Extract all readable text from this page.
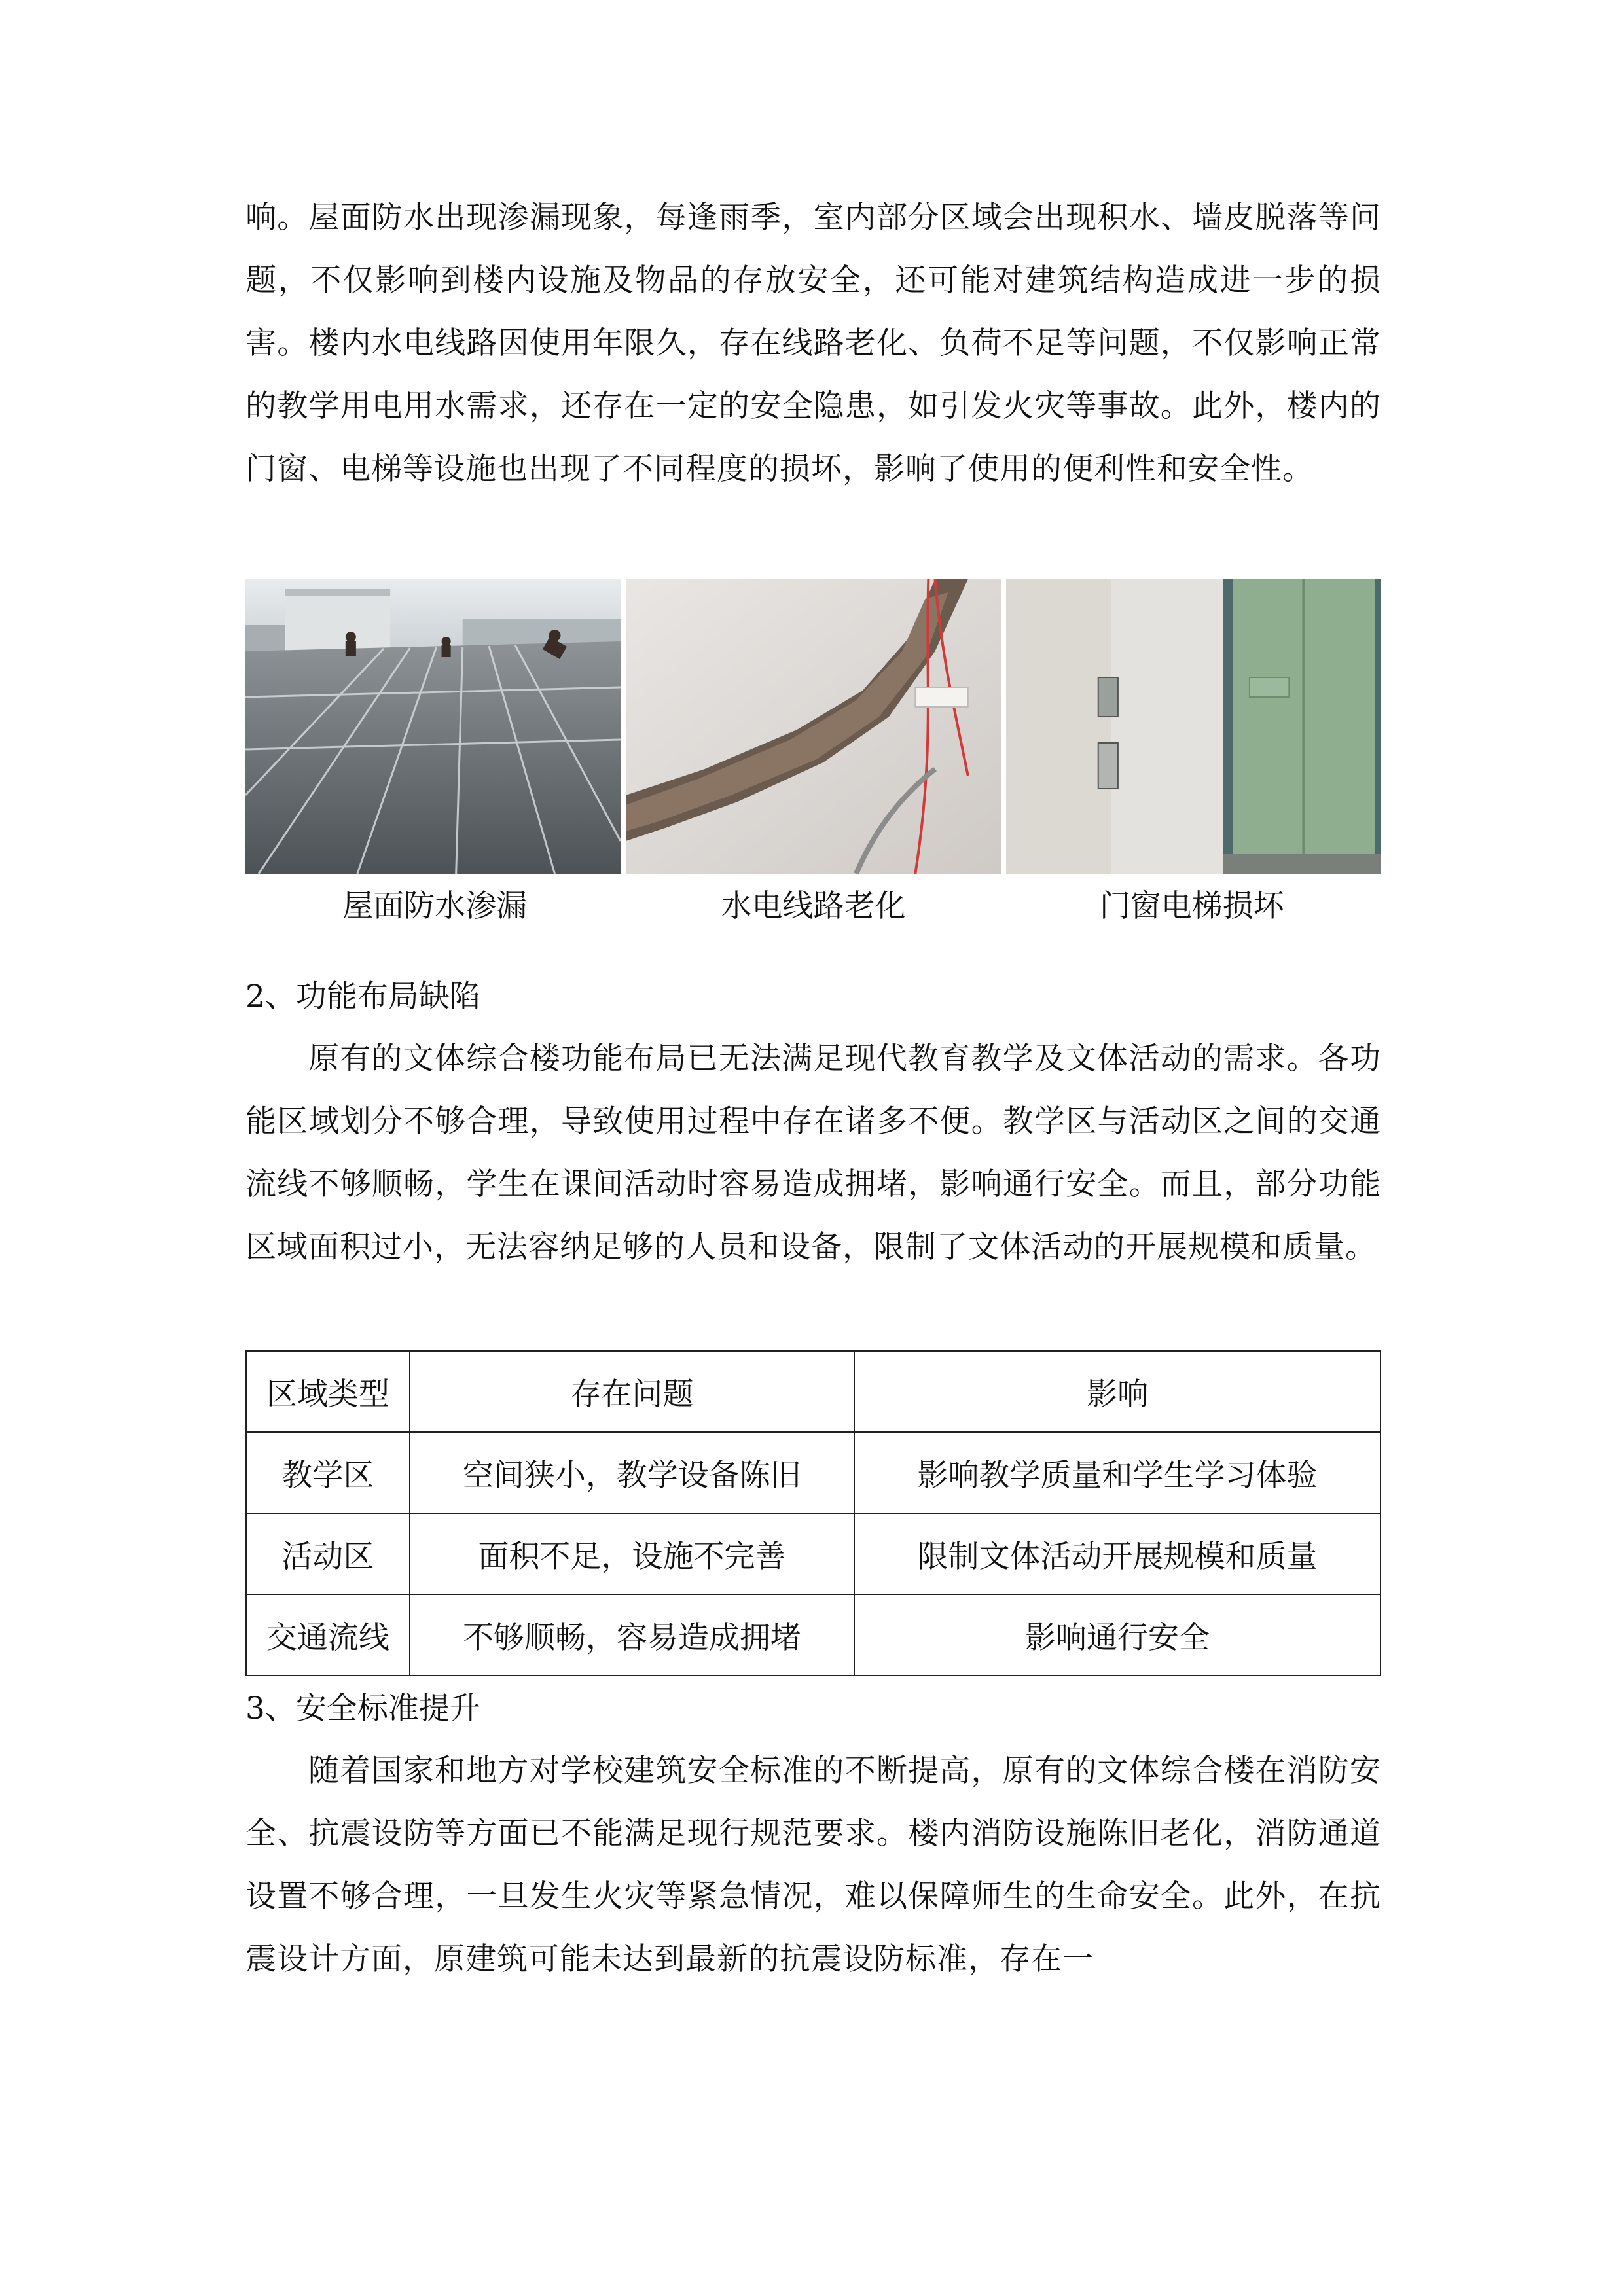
响。屋面防水出现渗漏现象，每逢雨季，室内部分区域会出现积水、墙皮脱落等问题，不仅影响到楼内设施及物品的存放安全，还可能对建筑结构造成进一步的损害。楼内水电线路因使用年限久，存在线路老化、负荷不足等问题，不仅影响正常的教学用电用水需求，还存在一定的安全隐患，如引发火灾等事故。此外，楼内的门窗、电梯等设施也出现了不同程度的损坏，影响了使用的便利性和安全性。

屋面防水渗漏	水电线路老化	门窗电梯损坏

2、功能布局缺陷

原有的文体综合楼功能布局已无法满足现代教育教学及文体活动的需求。各功能区域划分不够合理，导致使用过程中存在诸多不便。教学区与活动区之间的交通流线不够顺畅，学生在课间活动时容易造成拥堵，影响通行安全。而且，部分功能区域面积过小，无法容纳足够的人员和设备，限制了文体活动的开展规模和质量。

区域类型	存在问题	影响
教学区	空间狭小，教学设备陈旧	影响教学质量和学生学习体验
活动区	面积不足，设施不完善	限制文体活动开展规模和质量
交通流线	不够顺畅，容易造成拥堵	影响通行安全

3、安全标准提升

随着国家和地方对学校建筑安全标准的不断提高，原有的文体综合楼在消防安全、抗震设防等方面已不能满足现行规范要求。楼内消防设施陈旧老化，消防通道设置不够合理，一旦发生火灾等紧急情况，难以保障师生的生命安全。此外，在抗震设计方面，原建筑可能未达到最新的抗震设防标准，存在一
